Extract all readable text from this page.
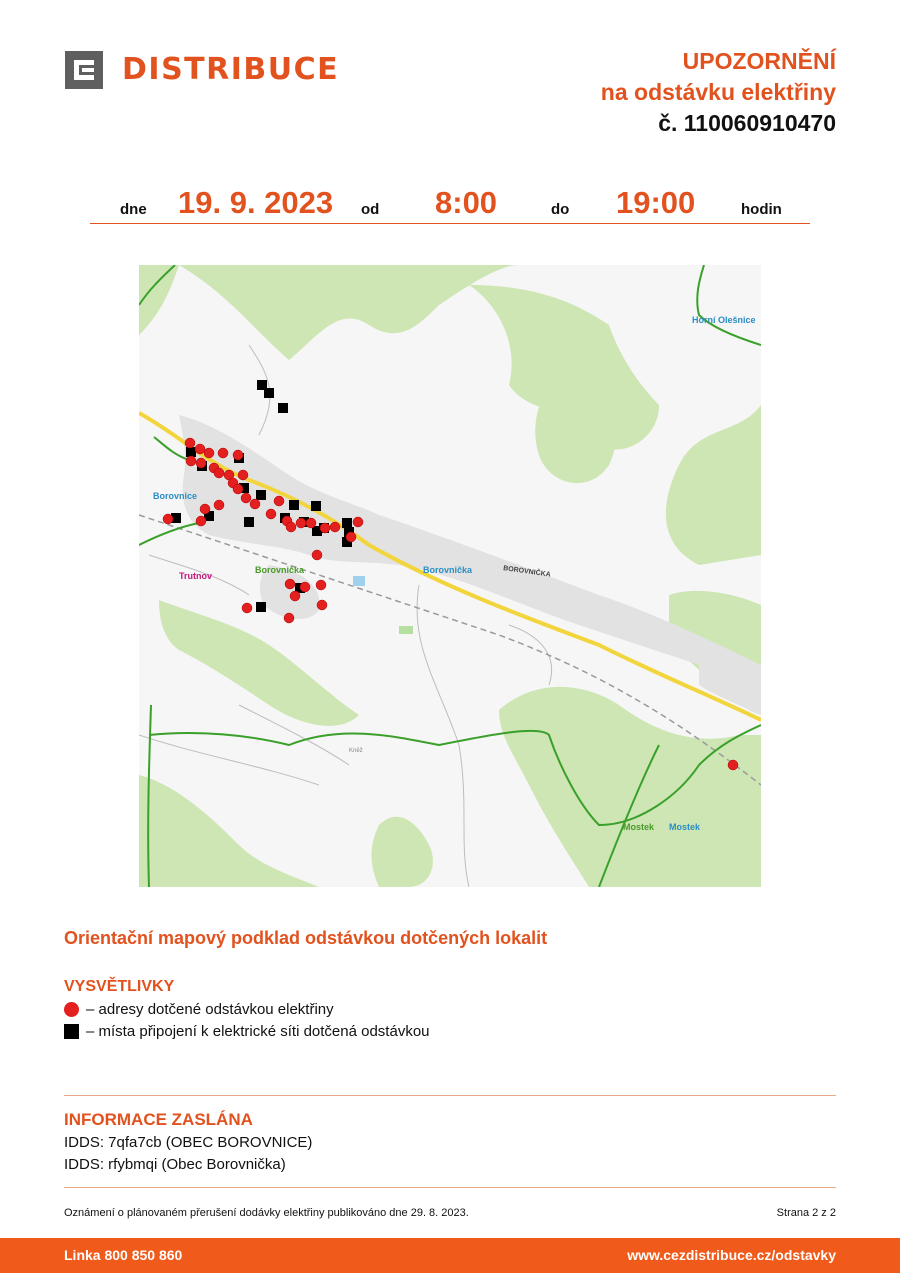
DISTRIBUCE	UPOZORNĚNÍ
na odstávku elektřiny
č. 110060910470
dne 19. 9. 2023 od 8:00	do 19:00	hodin
Horní Olešnice
Borovnice
Trutnov
Borovnička	Borovnička	BOROVNIČKA
Mostek Mostek
Kněž
Orientační mapový podklad odstávkou dotčených lokalit
VYSVĚTLIVKY
– adresy dotčené odstávkou elektřiny
– místa připojení k elektrické síti dotčená odstávkou
INFORMACE ZASLÁNA
IDDS: 7qfa7cb (OBEC BOROVNICE)
IDDS: rfybmqi (Obec Borovnička)
Oznámení o plánovaném přerušení dodávky elektřiny publikováno dne 29. 8. 2023.	Strana 2 z 2
Linka 800 850 860	www.cezdistribuce.cz/odstavky
